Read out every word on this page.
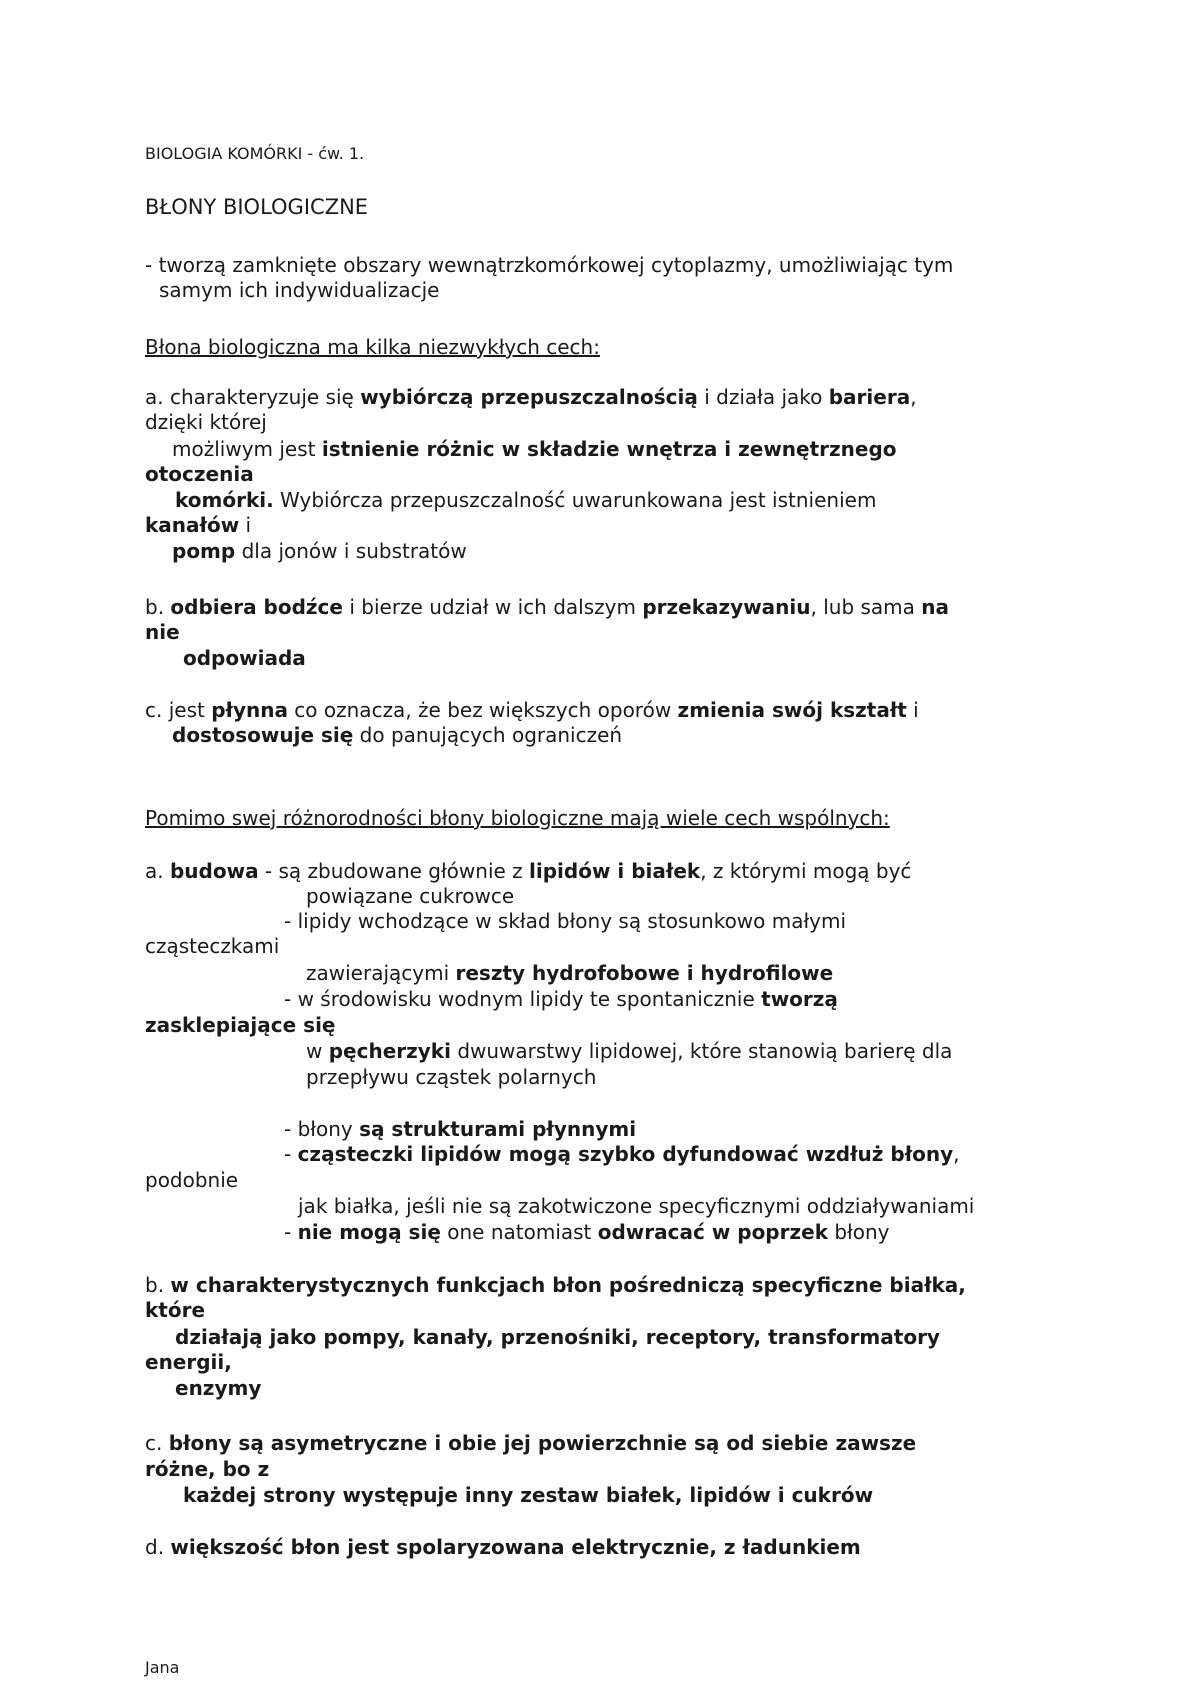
BIOLOGIA KOMÓRKI - ćw. 1.
BŁONY BIOLOGICZNE
- tworzą zamknięte obszary wewnątrzkomórkowej cytoplazmy, umożliwiając tym
samym ich indywidualizacje
Błona biologiczna ma kilka niezwykłych cech:
a. charakteryzuje się wybiórczą przepuszczalnością i działa jako bariera,
dzięki której
możliwym jest istnienie różnic w składzie wnętrza i zewnętrznego
otoczenia
komórki. Wybiórcza przepuszczalność uwarunkowana jest istnieniem
kanałów i
pomp dla jonów i substratów
b. odbiera bodźce i bierze udział w ich dalszym przekazywaniu, lub sama na
nie
odpowiada
c. jest płynna co oznacza, że bez większych oporów zmienia swój kształt i
dostosowuje się do panujących ograniczeń
Pomimo swej różnorodności błony biologiczne mają wiele cech wspólnych:
a. budowa - są zbudowane głównie z lipidów i białek, z którymi mogą być
powiązane cukrowce
- lipidy wchodzące w skład błony są stosunkowo małymi
cząsteczkami
zawierającymi reszty hydrofobowe i hydrofilowe
- w środowisku wodnym lipidy te spontanicznie tworzą
zasklepiające się
w pęcherzyki dwuwarstwy lipidowej, które stanowią barierę dla
przepływu cząstek polarnych
- błony są strukturami płynnymi
- cząsteczki lipidów mogą szybko dyfundować wzdłuż błony,
podobnie
jak białka, jeśli nie są zakotwiczone specyficznymi oddziaływaniami
- nie mogą się one natomiast odwracać w poprzek błony
b. w charakterystycznych funkcjach błon pośredniczą specyficzne białka,
które
działają jako pompy, kanały, przenośniki, receptory, transformatory
energii,
enzymy
c. błony są asymetryczne i obie jej powierzchnie są od siebie zawsze
różne, bo z
każdej strony występuje inny zestaw białek, lipidów i cukrów
d. większość błon jest spolaryzowana elektrycznie, z ładunkiem
Jana
